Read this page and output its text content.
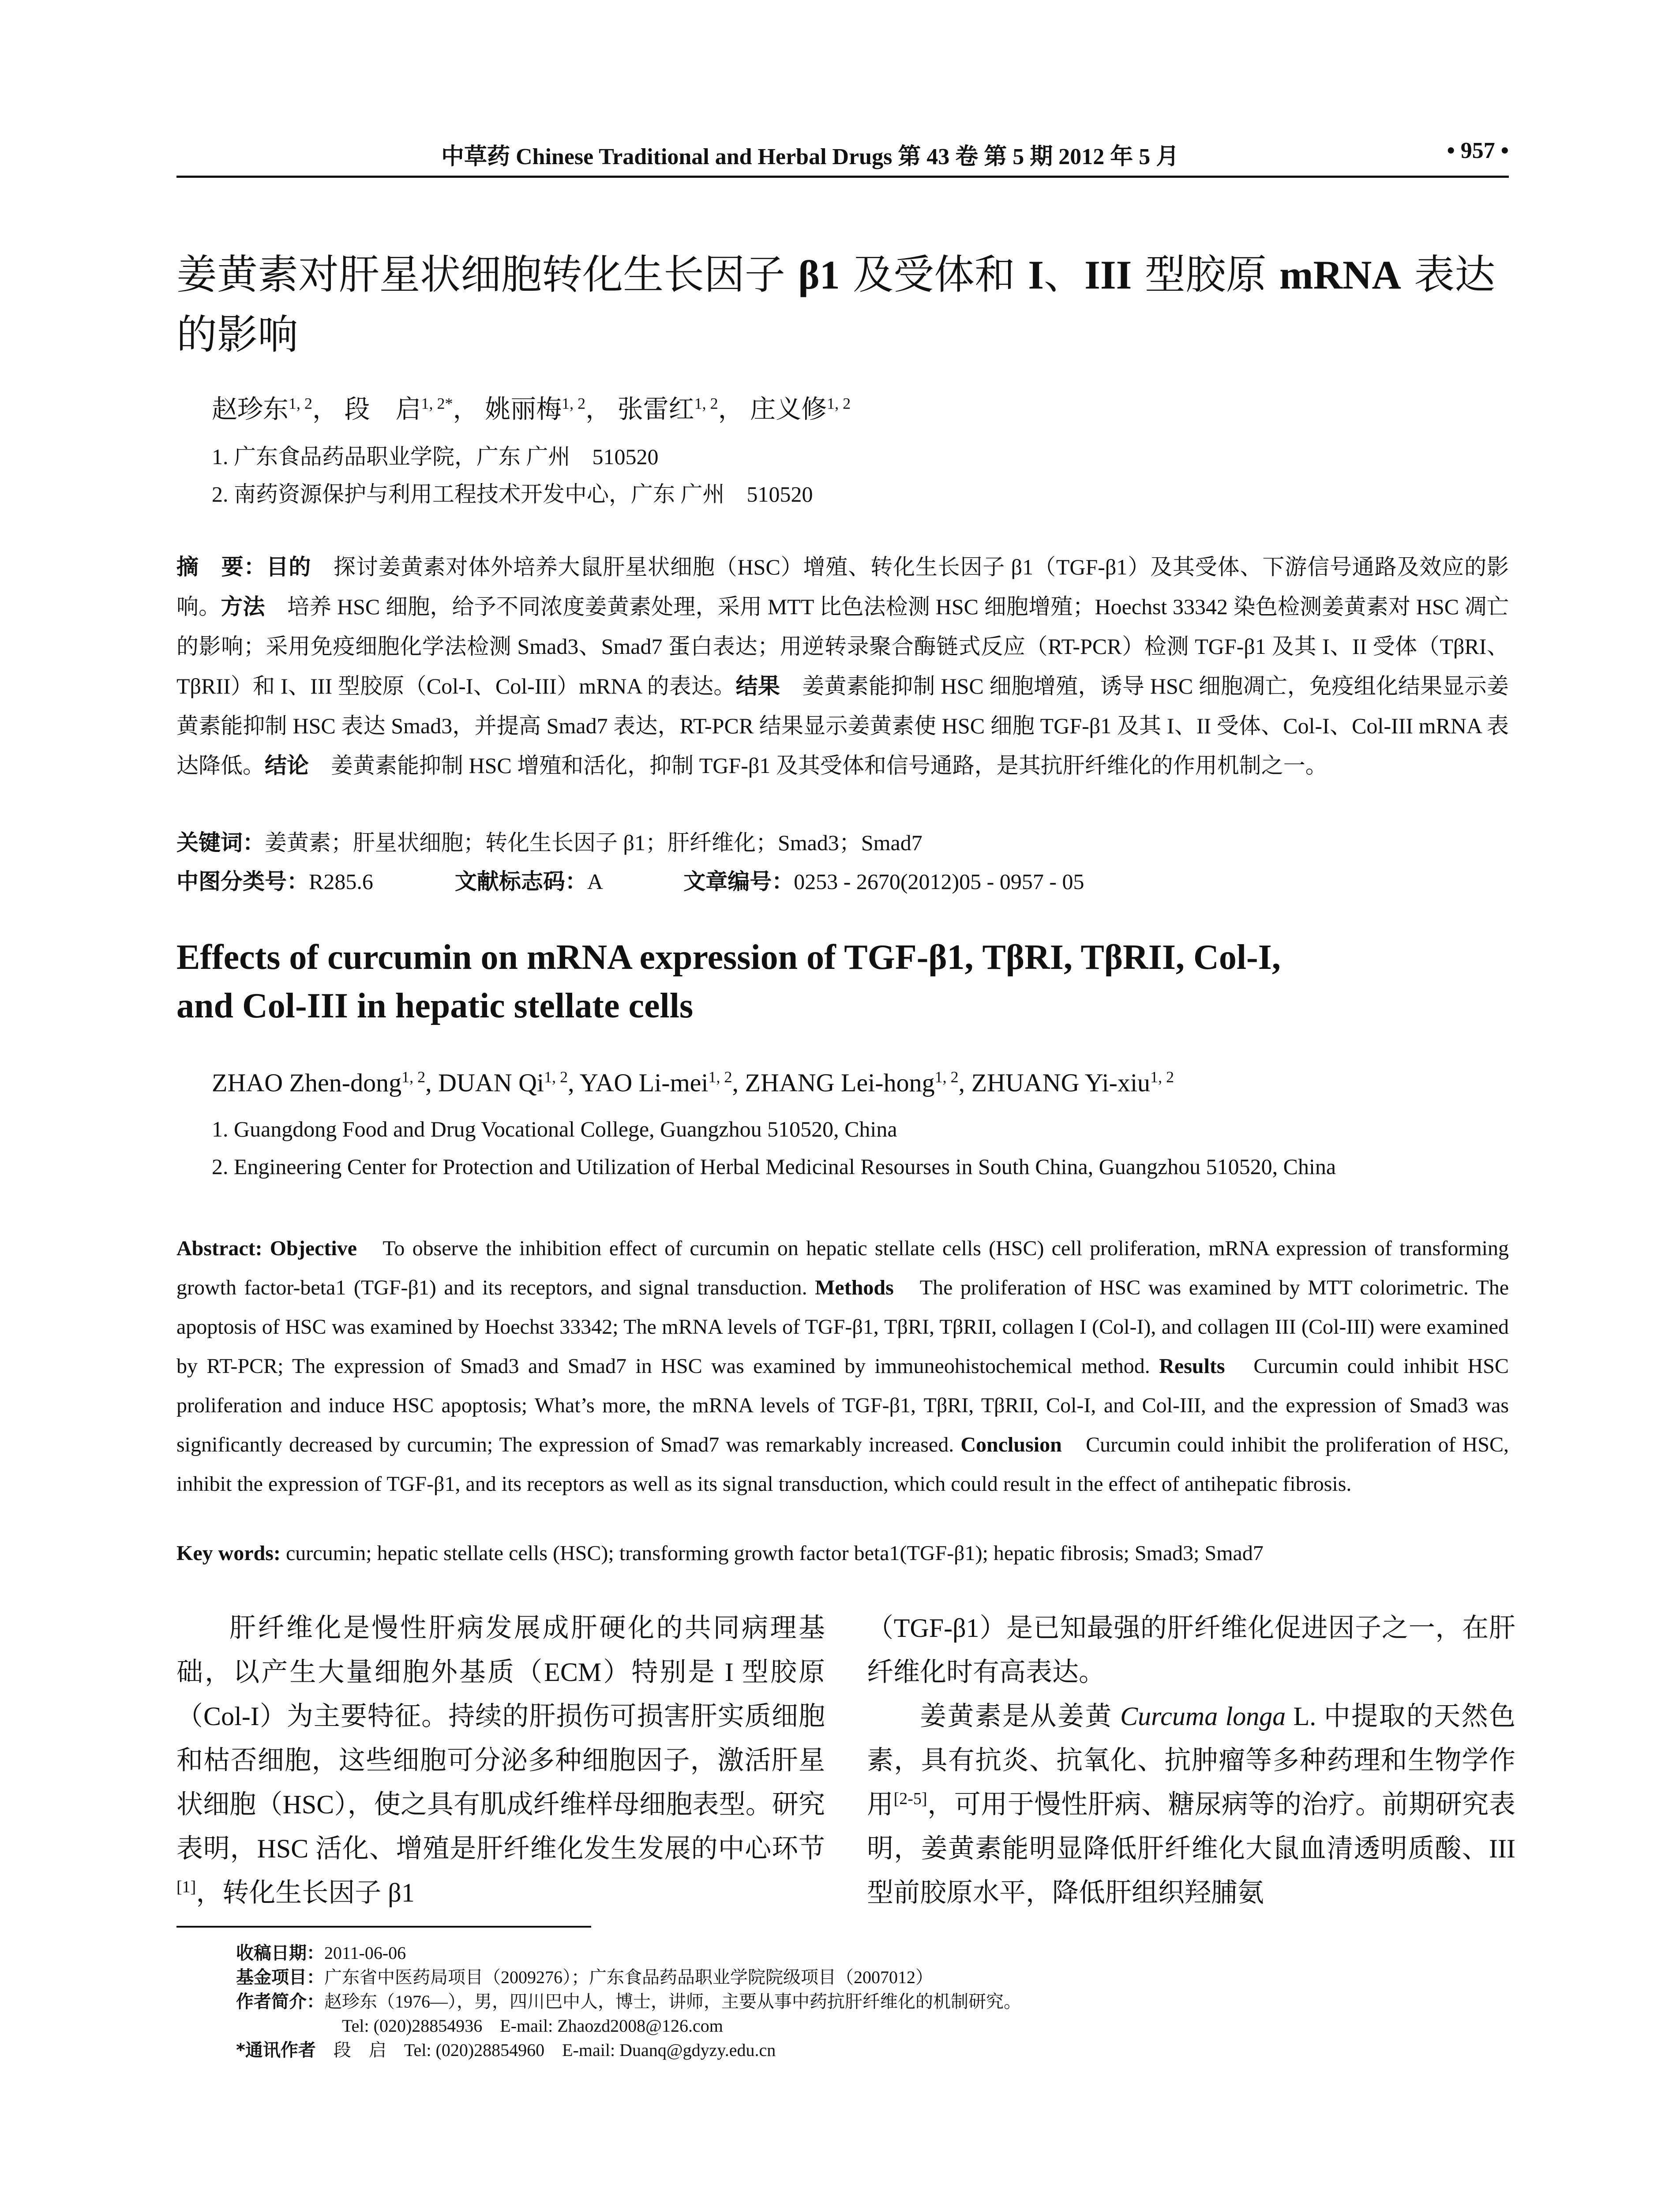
中草药 Chinese Traditional and Herbal Drugs 第 43 卷 第 5 期 2012 年 5 月	• 957 •
姜黄素对肝星状细胞转化生长因子 β1 及受体和 I、III 型胶原 mRNA 表达
的影响
赵珍东$^{1, 2}$， 段　启$^{1, 2*}$， 姚丽梅$^{1, 2}$， 张雷红$^{1, 2}$， 庄义修$^{1, 2}$
1. 广东食品药品职业学院，广东 广州　510520
2. 南药资源保护与利用工程技术开发中心，广东 广州　510520
摘　要：目的　探讨姜黄素对体外培养大鼠肝星状细胞（HSC）增殖、转化生长因子 β1（TGF-β1）及其受体、下游信号通路及效应的影响。方法　培养 HSC 细胞，给予不同浓度姜黄素处理，采用 MTT 比色法检测 HSC 细胞增殖；Hoechst 33342 染色检测姜黄素对 HSC 凋亡的影响；采用免疫细胞化学法检测 Smad3、Smad7 蛋白表达；用逆转录聚合酶链式反应（RT-PCR）检测 TGF-β1 及其 I、II 受体（TβRI、TβRII）和 I、III 型胶原（Col-I、Col-III）mRNA 的表达。结果　姜黄素能抑制 HSC 细胞增殖，诱导 HSC 细胞凋亡，免疫组化结果显示姜黄素能抑制 HSC 表达 Smad3，并提高 Smad7 表达，RT-PCR 结果显示姜黄素使 HSC 细胞 TGF-β1 及其 I、II 受体、Col-I、Col-III mRNA 表达降低。结论　姜黄素能抑制 HSC 增殖和活化，抑制 TGF-β1 及其受体和信号通路，是其抗肝纤维化的作用机制之一。
关键词：姜黄素；肝星状细胞；转化生长因子 β1；肝纤维化；Smad3；Smad7
中图分类号：R285.6	文献标志码：A	文章编号：0253 - 2670(2012)05 - 0957 - 05
Effects of curcumin on mRNA expression of TGF-β1, TβRI, TβRII, Col-I,
and Col-III in hepatic stellate cells
ZHAO Zhen-dong$^{1, 2}$, DUAN Qi$^{1, 2}$, YAO Li-mei$^{1, 2}$, ZHANG Lei-hong$^{1, 2}$, ZHUANG Yi-xiu$^{1, 2}$
1. Guangdong Food and Drug Vocational College, Guangzhou 510520, China
2. Engineering Center for Protection and Utilization of Herbal Medicinal Resourses in South China, Guangzhou 510520, China
Abstract: Objective　To observe the inhibition effect of curcumin on hepatic stellate cells (HSC) cell proliferation, mRNA expression of transforming growth factor-beta1 (TGF-β1) and its receptors, and signal transduction. Methods　The proliferation of HSC was examined by MTT colorimetric. The apoptosis of HSC was examined by Hoechst 33342; The mRNA levels of TGF-β1, TβRI, TβRII, collagen I (Col-I), and collagen III (Col-III) were examined by RT-PCR; The expression of Smad3 and Smad7 in HSC was examined by immuneohistochemical method. Results　Curcumin could inhibit HSC proliferation and induce HSC apoptosis; What’s more, the mRNA levels of TGF-β1, TβRI, TβRII, Col-I, and Col-III, and the expression of Smad3 was significantly decreased by curcumin; The expression of Smad7 was remarkably increased. Conclusion　Curcumin could inhibit the proliferation of HSC, inhibit the expression of TGF-β1, and its receptors as well as its signal transduction, which could result in the effect of antihepatic fibrosis.
Key words: curcumin; hepatic stellate cells (HSC); transforming growth factor beta1(TGF-β1); hepatic fibrosis; Smad3; Smad7

肝纤维化是慢性肝病发展成肝硬化的共同病理基础，以产生大量细胞外基质（ECM）特别是 I 型胶原（Col-I）为主要特征。持续的肝损伤可损害肝实质细胞和枯否细胞，这些细胞可分泌多种细胞因子，激活肝星状细胞（HSC），使之具有肌成纤维样母细胞表型。研究表明，HSC 活化、增殖是肝纤维化发生发展的中心环节[1]，转化生长因子 β1

（TGF-β1）是已知最强的肝纤维化促进因子之一，在肝纤维化时有高表达。

姜黄素是从姜黄 Curcuma longa L. 中提取的天然色素，具有抗炎、抗氧化、抗肿瘤等多种药理和生物学作用[2-5]，可用于慢性肝病、糖尿病等的治疗。前期研究表明，姜黄素能明显降低肝纤维化大鼠血清透明质酸、III 型前胶原水平，降低肝组织羟脯氨

收稿日期：2011-06-06
基金项目：广东省中医药局项目（2009276）；广东食品药品职业学院院级项目（2007012）
作者简介：赵珍东（1976—），男，四川巴中人，博士，讲师，主要从事中药抗肝纤维化的机制研究。
Tel: (020)28854936　E-mail: Zhaozd2008@126.com
*通讯作者　段　启　Tel: (020)28854960　E-mail: Duanq@gdyzy.edu.cn
